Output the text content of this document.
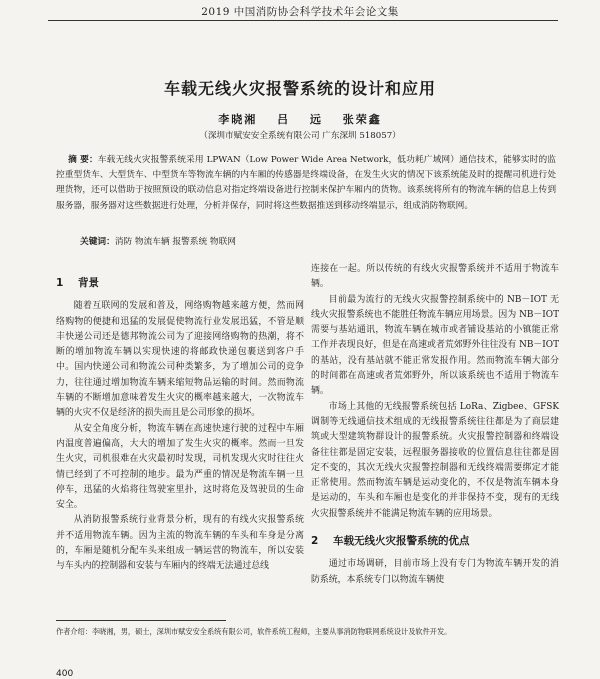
2019 中国消防协会科学技术年会论文集
车载无线火灾报警系统的设计和应用
李晓湘 吕 远 张荣鑫
（深圳市赋安安全系统有限公司 广东深圳 518057）
摘 要：车载无线火灾报警系统采用 LPWAN（Low Power Wide Area Network，低功耗广域网）通信技术，能够实时的监控重型货车、大型货车、中型货车等物流车辆的内车厢的传感器是终端设备，在发生火灾的情况下该系统能及时的提醒司机进行处理货物，还可以借助于按照预设的联动信息对指定终端设备进行控制来保护车厢内的货物。该系统将所有的物流车辆的信息上传到服务器，服务器对这些数据进行处理，分析并保存，同时将这些数据推送到移动终端显示，组成消防物联网。
关键词：消防 物流车辆 报警系统 物联网
1 背景

随着互联网的发展和普及，网络购物越来越方便，然而网络购物的便捷和迅猛的发展促使物流行业发展迅猛，不管是顺丰快递公司还是德邦物流公司为了迎接网络购物的热潮，将不断的增加物流车辆以实现快速的将邮政快递包裹送到客户手中。国内快递公司和物流公司种类繁多，为了增加公司的竞争力，往往通过增加物流车辆来缩短物品运输的时间。然而物流车辆的不断增加意味着发生火灾的概率越来越大，一次物流车辆的火灾不仅是经济的损失而且是公司形象的损坏。

从安全角度分析，物流车辆在高速快速行驶的过程中车厢内温度普遍偏高，大大的增加了发生火灾的概率。然而一旦发生火灾，司机很难在火灾最初时发现，司机发现火灾时往往火情已经到了不可控制的地步。最为严重的情况是物流车辆一旦停车，迅猛的火焰将往驾驶室里扑，这时将危及驾驶员的生命安全。

从消防报警系统行业背景分析，现有的有线火灾报警系统并不适用物流车辆。因为主流的物流车辆的车头和车身是分离的，车厢是随机分配车头来组成一辆运营的物流车，所以安装与车头内的控制器和安装与车厢内的终端无法通过总线

连接在一起。所以传统的有线火灾报警系统并不适用于物流车辆。

目前最为流行的无线火灾报警控制系统中的 NB－IOT 无线火灾报警系统也不能胜任物流车辆应用场景。因为 NB－IOT 需要与基站通讯，物流车辆在城市或者铺设基站的小镇能正常工作并表现良好，但是在高速或者荒郊野外往往没有 NB－IOT 的基站，没有基站就不能正常发报作用。然而物流车辆大部分的时间都在高速或者荒郊野外，所以该系统也不适用于物流车辆。

市场上其他的无线报警系统包括 LoRa、Zigbee、GFSK 调制等无线通信技术组成的无线报警系统往往都是为了商层建筑或大型建筑物群设计的报警系统。火灾报警控制器和终端设备往往都是固定安装，远程服务器接收的位置信息往往都是固定不变的，其次无线火灾报警控制器和无线终端需要绑定才能正常使用。然而物流车辆是运动变化的，不仅是物流车辆本身是运动的，车头和车厢也是变化的并非保持不变，现有的无线火灾报警系统并不能满足物流车辆的应用场景。

2 车载无线火灾报警系统的优点

通过市场调研，目前市场上没有专门为物流车辆开发的消防系统，本系统专门以物流车辆使

作者介绍：李晓湘，男，硕士，深圳市赋安安全系统有限公司，软件系统工程师，主要从事消防物联网系统设计及软件开发。
400
